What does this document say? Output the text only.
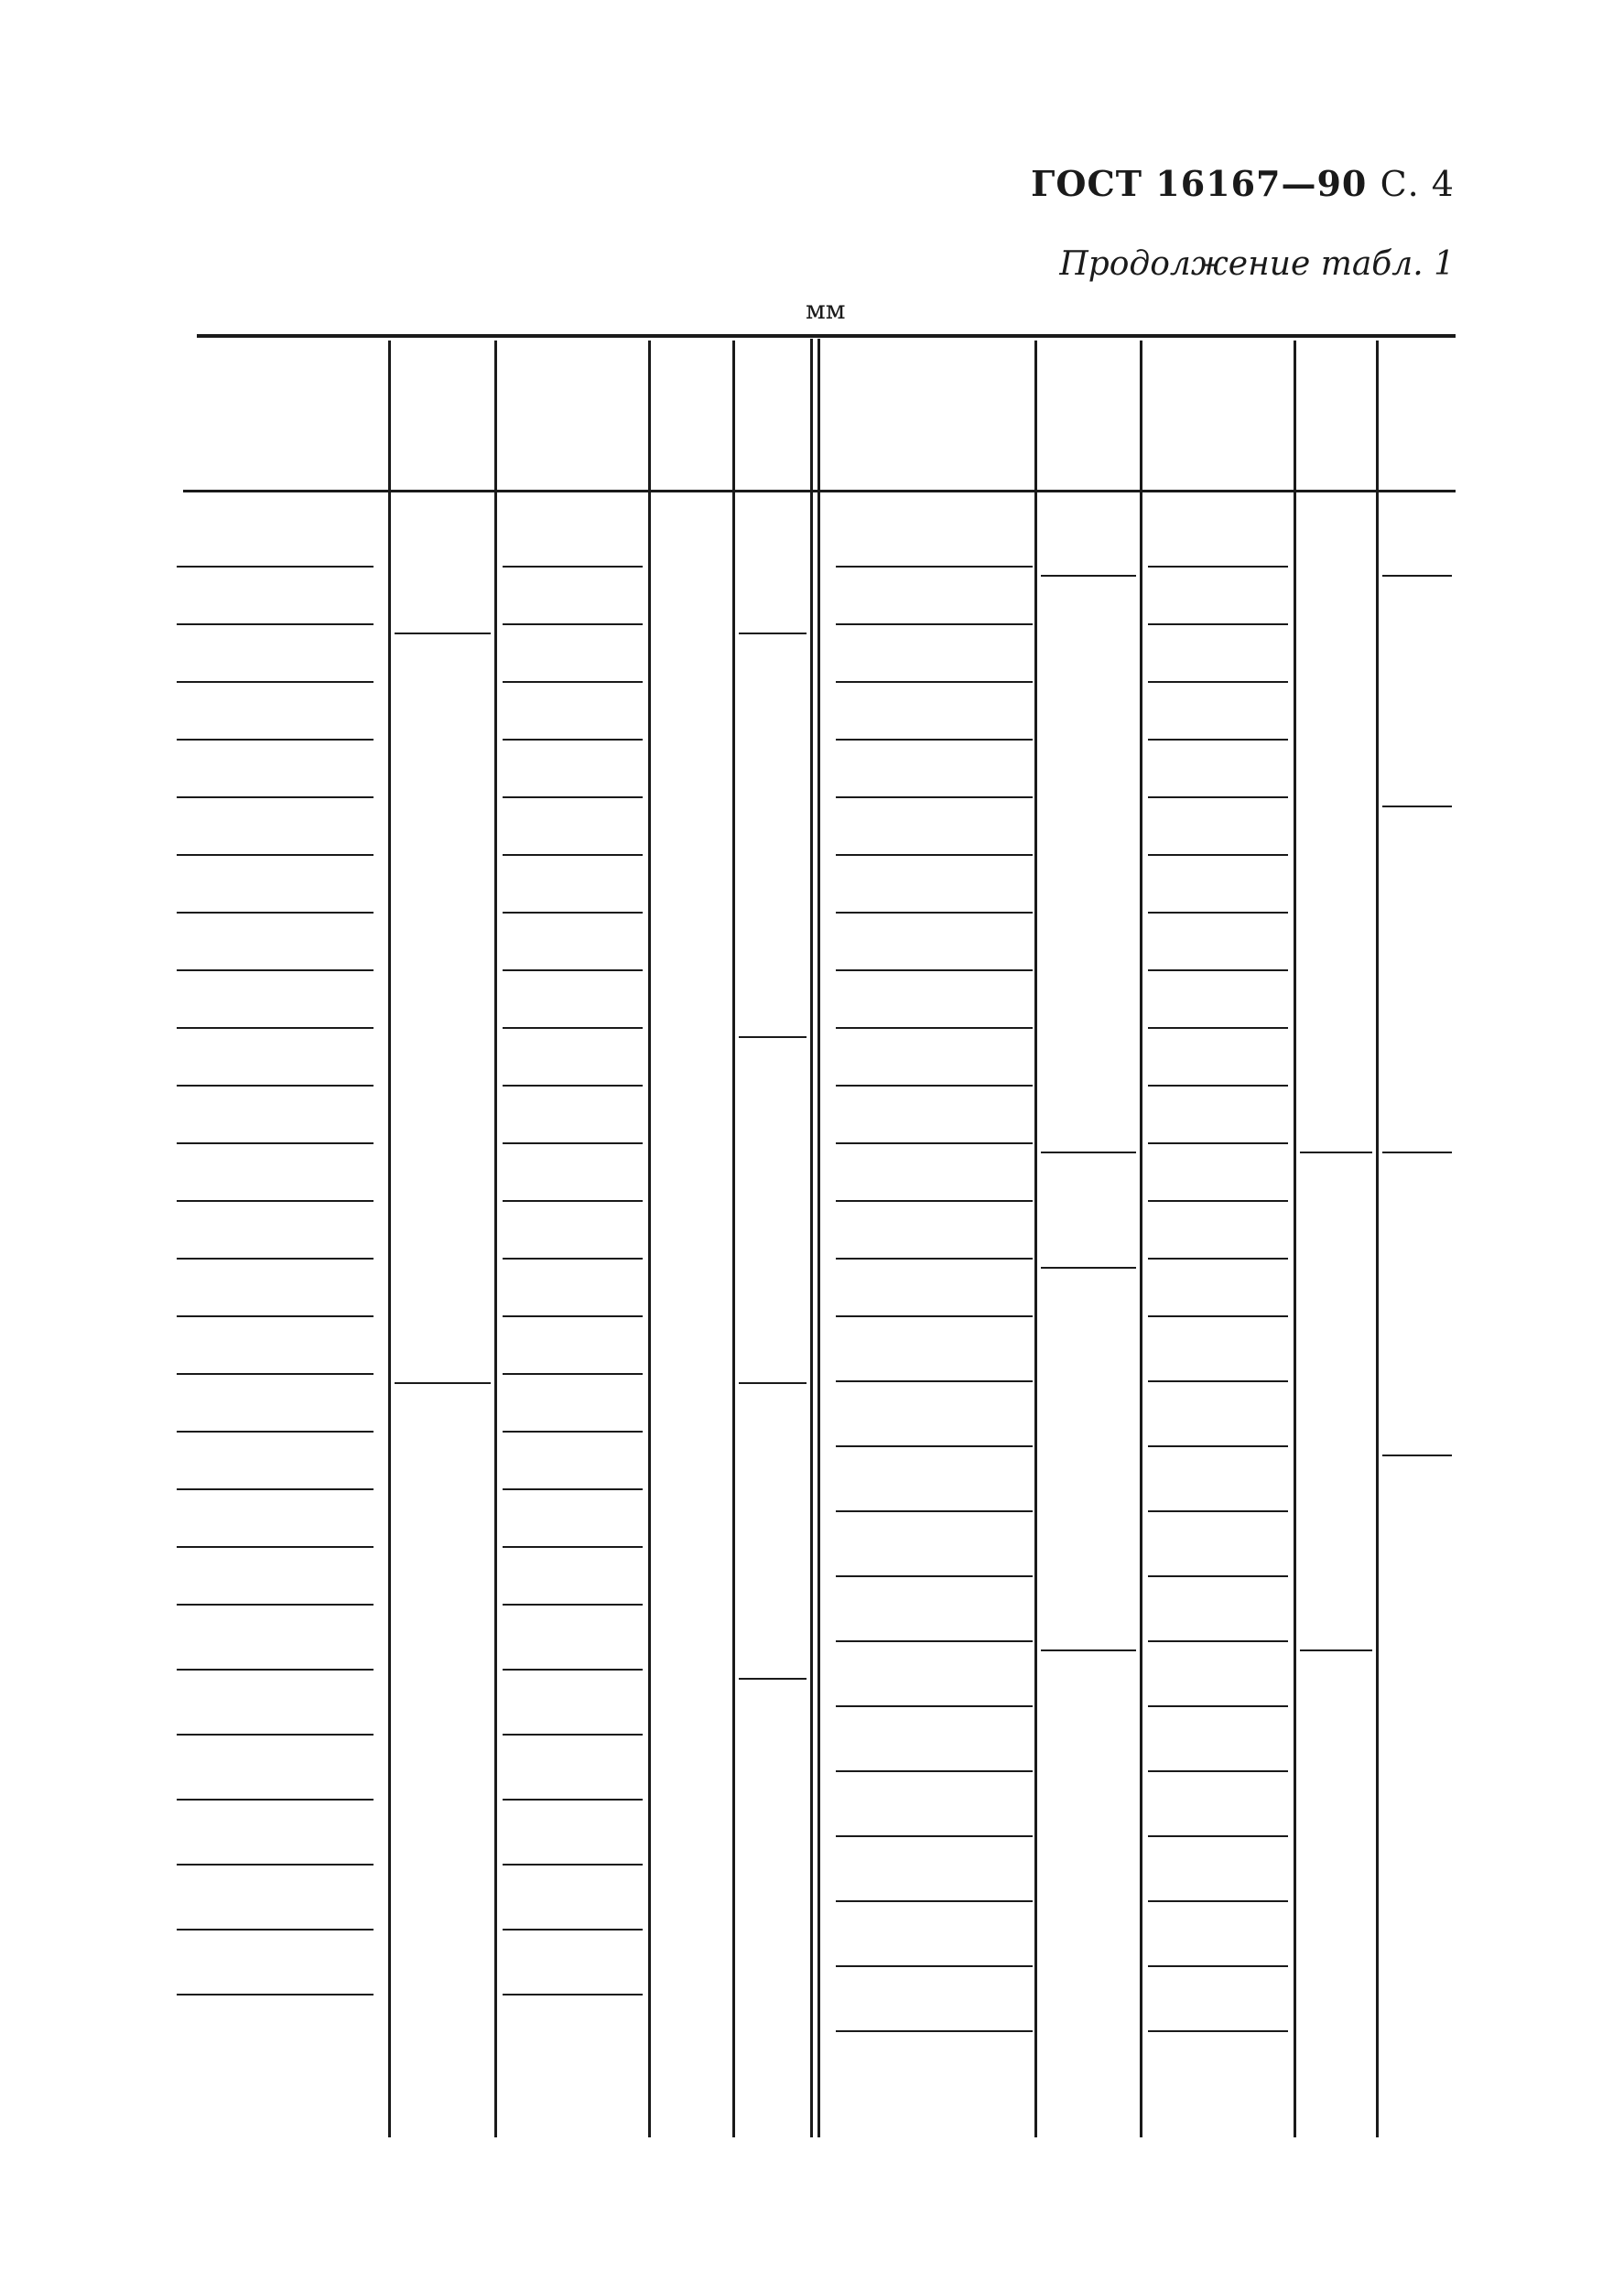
ГОСТ 16167—90 С. 4
Продолжение табл. 1
мм
